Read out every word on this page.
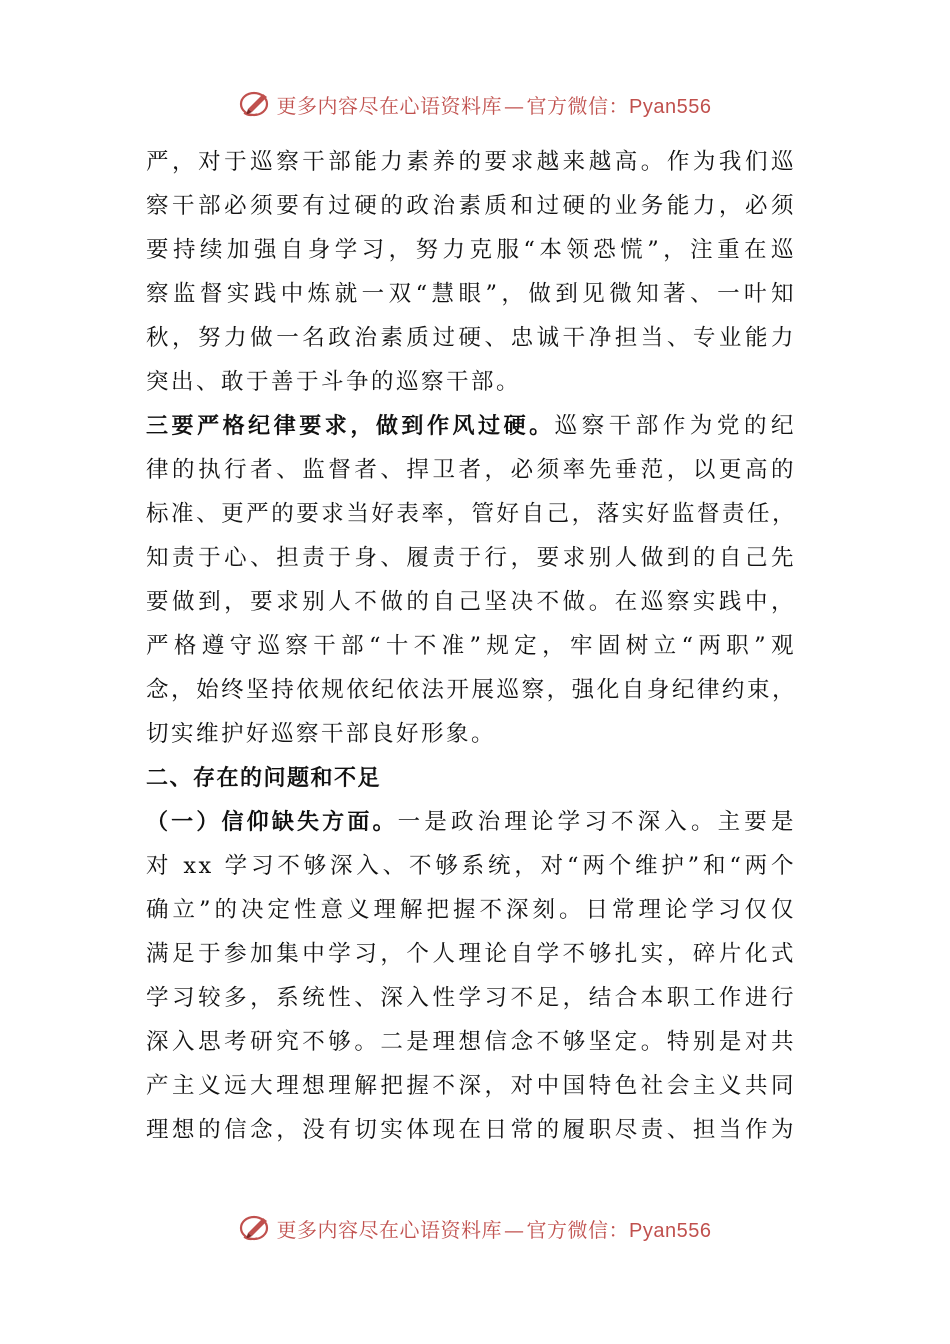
更多内容尽在心语资料库 — 官方微信：Pyan556
严，对于巡察干部能力素养的要求越来越高。作为我们巡
察干部必须要有过硬的政治素质和过硬的业务能力，必须
要持续加强自身学习，努力克服“本领恐慌”，注重在巡
察监督实践中炼就一双“慧眼”，做到见微知著、一叶知
秋，努力做一名政治素质过硬、忠诚干净担当、专业能力
突出、敢于善于斗争的巡察干部。
三要严格纪律要求，做到作风过硬。巡察干部作为党的纪
律的执行者、监督者、捍卫者，必须率先垂范，以更高的
标准、更严的要求当好表率，管好自己，落实好监督责任，
知责于心、担责于身、履责于行，要求别人做到的自己先
要做到，要求别人不做的自己坚决不做。在巡察实践中，
严格遵守巡察干部“十不准”规定，牢固树立“两职”观
念，始终坚持依规依纪依法开展巡察，强化自身纪律约束，
切实维护好巡察干部良好形象。
二、存在的问题和不足
（一）信仰缺失方面。一是政治理论学习不深入。主要是
对 xx 学习不够深入、不够系统，对“两个维护”和“两个
确立”的决定性意义理解把握不深刻。日常理论学习仅仅
满足于参加集中学习，个人理论自学不够扎实，碎片化式
学习较多，系统性、深入性学习不足，结合本职工作进行
深入思考研究不够。二是理想信念不够坚定。特别是对共
产主义远大理想理解把握不深，对中国特色社会主义共同
理想的信念，没有切实体现在日常的履职尽责、担当作为
更多内容尽在心语资料库 — 官方微信：Pyan556
